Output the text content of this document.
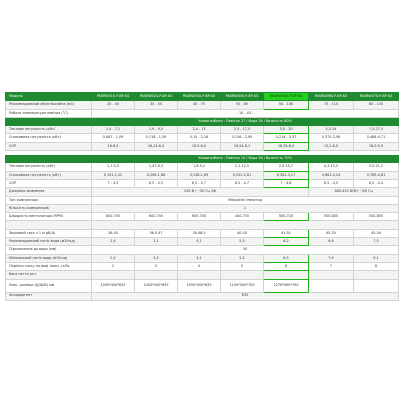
Модель	PASRW015-P-BP-KS	PASRW020-P-BP-KS	PASRW030-P-BP-KS	PASRW040-P-BP-KS	PASRW050-P-BP-KS	PASRW060-P-BP-KS	PASRW070-P-BP-KS
Рекомендований об'єм басейна (м3)	20 - 40	30 - 55	40 - 75	50 - 80	50 - 100	70 - 110	80 - 130
Робоча температура повітря (°C)	- 10 - 43 -						
	Умови роботи : Повітря 27 / Вода 26 / Вологість 80%						
Теплова потужність (кВт)	1,4 - 7,1	1,9 - 9,5	2,4 - 13	2,5 - 17,5	3,5 - 20	5,5-24	7,5-27,5
Споживана потужність (кВт)	0,087 - 1,09	0,118 - 1,59	0,15 - 2,16	0,158 - 2,89	0,214 - 3,37	0,375-3,98	0,486-4,71
COP	16-6,5	16,14-6,0	16,5-6,0	16,54-6,1	16,35-6,0	15,2-6,0	16,0-5,9

	Умови роботи : Повітря 15 / Вода 26 / Вологість 70%						
Теплова потужність (кВт)	1,1-5,5	1,47-6,3	1,6-9,1	2,1-12,5	2,5-14,7	4,3-15,5	5,0-21,2
Споживана потужність (кВт)	0,151-1,22	0,206-1,68	0,238-1,89	0,252-2,61	0,322-3,17	0,661-4,24	0,769-4,81
COP	7 - 4,5	6,5 - 4,5	6,5 - 4,7	6,5 - 4,7	7 - 4,6	6,5 - 4,5	6,5 - 4,4
Джерело живлення	230 В / ~50 Гц 1Ф					380-415 В/3Н ~/50 Гц	
Тип компресора	Mitsubishi інвертор						
Кількість компресорів	1						
Швидкість вентилятора (RPM)	600-700	600-700	600-700	400-750	500-720	500-800	500-800

Звуковий тиск з 1 м дБ(A)	36-45	36.5-47	39-48.5	40-50	41-51	45-55	45-54
Рекомендований потік води (м3/год)	2,4	3,1	4,1	5,5	6,2	6,6	7,5
Підключення до води (мм)	50						
Мінімальний потік води (м3/год)	2,4	3,5	4,1	5,2	6,5	7,9	9,1
Падіння тиску на воді (макс.) кПа	2	3	4	5	6	7	8
Вага нетто (кг)							
Упак. розміри (Д/Ш/В) мм	1050*450*635	1050*450*635	1050*450*635	1150*500*700	1270*500*700		
Холодоагент	R32						
